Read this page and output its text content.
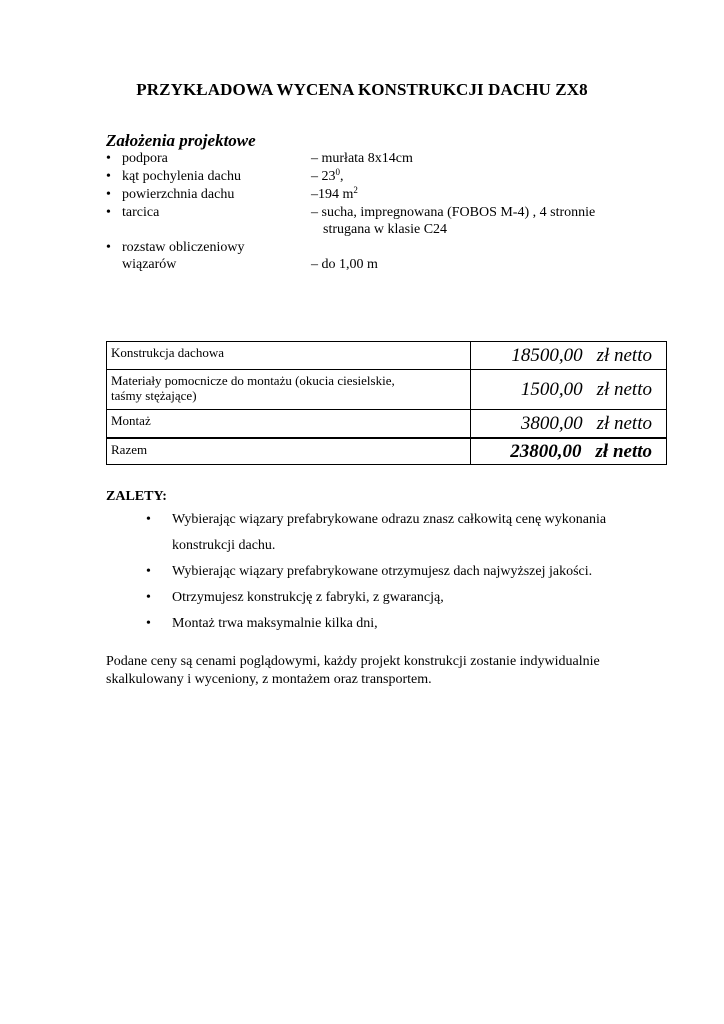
PRZYKŁADOWA WYCENA KONSTRUKCJI DACHU ZX8
Założenia projektowe
• podpora	– murłata 8x14cm
• kąt pochylenia dachu	– $23^0$,
• powierzchnia dachu	–194 $m^2$
• tarcica	– sucha, impregnowana (FOBOS M-4) , 4 stronnie
strugana w klasie C24
• rozstaw obliczeniowy
wiązarów	– do 1,00 m
Konstrukcja dachowa	18500,00 zł netto

Materiały pomocnicze do montażu (okucia ciesielskie,
taśmy stężające)	1500,00 zł netto

Montaż	3800,00 zł netto

Razem	23800,00 zł netto
ZALETY:
• Wybierając wiązary prefabrykowane odrazu znasz całkowitą cenę wykonania
konstrukcji dachu.
• Wybierając wiązary prefabrykowane otrzymujesz dach najwyższej jakości.
• Otrzymujesz konstrukcję z fabryki, z gwarancją,
• Montaż trwa maksymalnie kilka dni,
Podane ceny są cenami poglądowymi, każdy projekt konstrukcji zostanie indywidualnie skalkulowany i wyceniony, z montażem oraz transportem.
